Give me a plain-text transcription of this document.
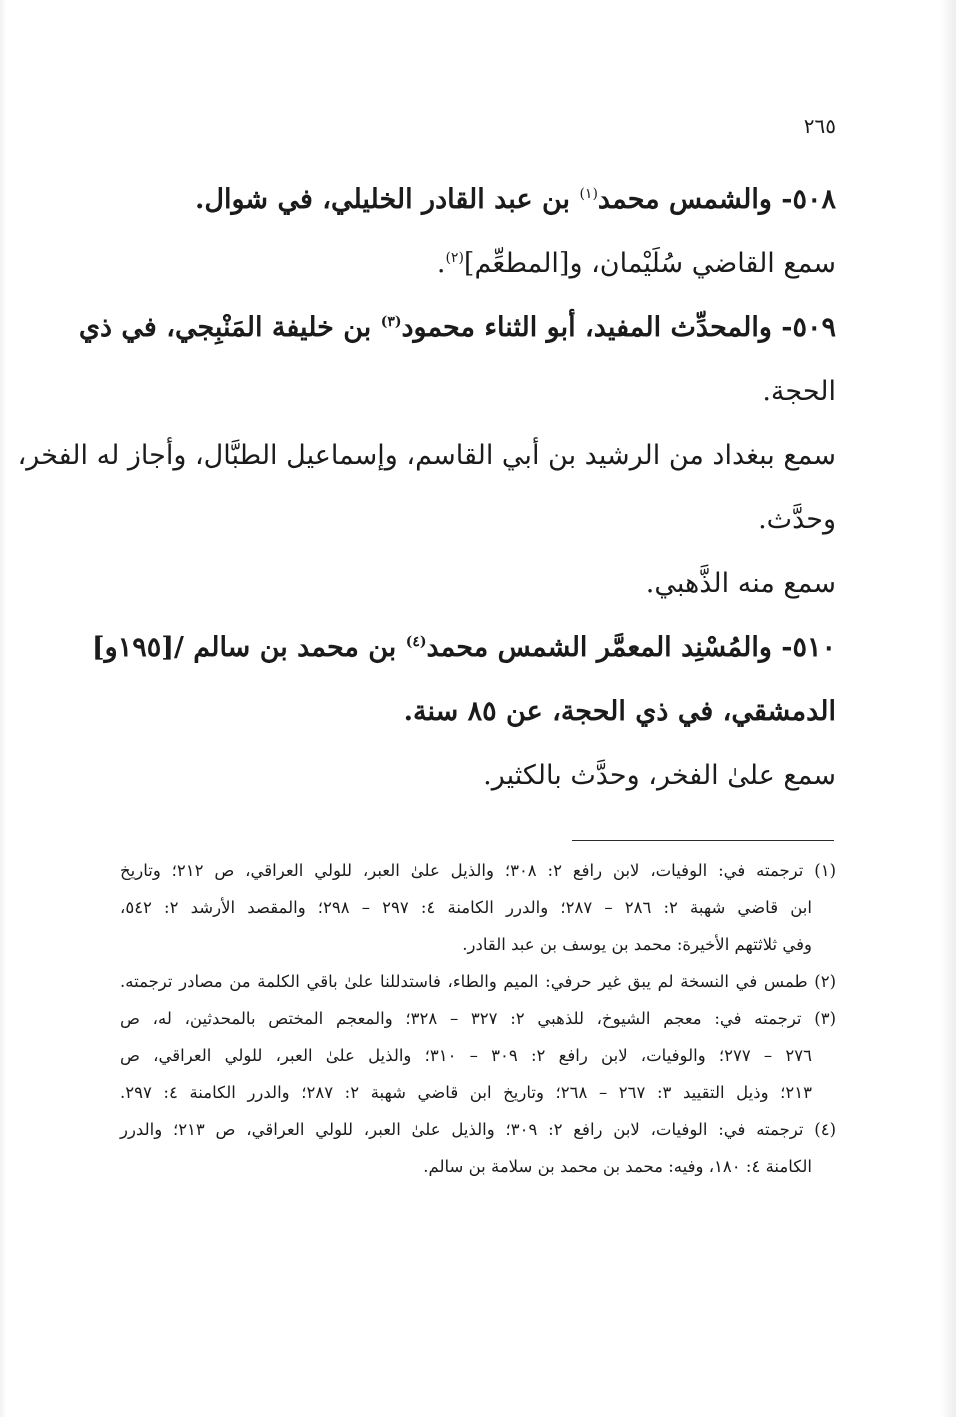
٢٦٥
٥٠٨- والشمس محمد$^{(١)}$ بن عبد القادر الخليلي، في شوال.
سمع القاضي سُلَيْمان، و[المطعِّم]$^{(٢)}$.
٥٠٩- والمحدِّث المفيد، أبو الثناء محمود$^{(٣)}$ بن خليفة المَنْبِجي، في ذي
الحجة.
سمع ببغداد من الرشيد بن أبي القاسم، وإسماعيل الطبَّال، وأجاز له الفخر،
وحدَّث.
سمع منه الذَّهبي.
٥١٠- والمُسْنِد المعمَّر الشمس محمد$^{(٤)}$ بن محمد بن سالم /[١٩٥و]
الدمشقي، في ذي الحجة، عن ٨٥ سنة.
سمع علىٰ الفخر، وحدَّث بالكثير.
(١) ترجمته في: الوفيات، لابن رافع ٢: ٣٠٨؛ والذيل علىٰ العبر، للولي العراقي، ص ٢١٢؛ وتاريخ
ابن قاضي شهبة ٢: ٢٨٦ – ٢٨٧؛ والدرر الكامنة ٤: ٢٩٧ – ٢٩٨؛ والمقصد الأرشد ٢: ٥٤٢،
وفي ثلاثتهم الأخيرة: محمد بن يوسف بن عبد القادر.
(٢) طمس في النسخة لم يبق غير حرفي: الميم والطاء، فاستدللنا علىٰ باقي الكلمة من مصادر ترجمته.
(٣) ترجمته في: معجم الشيوخ، للذهبي ٢: ٣٢٧ – ٣٢٨؛ والمعجم المختص بالمحدثين، له، ص
٢٧٦ – ٢٧٧؛ والوفيات، لابن رافع ٢: ٣٠٩ – ٣١٠؛ والذيل علىٰ العبر، للولي العراقي، ص
٢١٣؛ وذيل التقييد ٣: ٢٦٧ – ٢٦٨؛ وتاريخ ابن قاضي شهبة ٢: ٢٨٧؛ والدرر الكامنة ٤: ٢٩٧.
(٤) ترجمته في: الوفيات، لابن رافع ٢: ٣٠٩؛ والذيل علىٰ العبر، للولي العراقي، ص ٢١٣؛ والدرر
الكامنة ٤: ١٨٠، وفيه: محمد بن محمد بن سلامة بن سالم.
